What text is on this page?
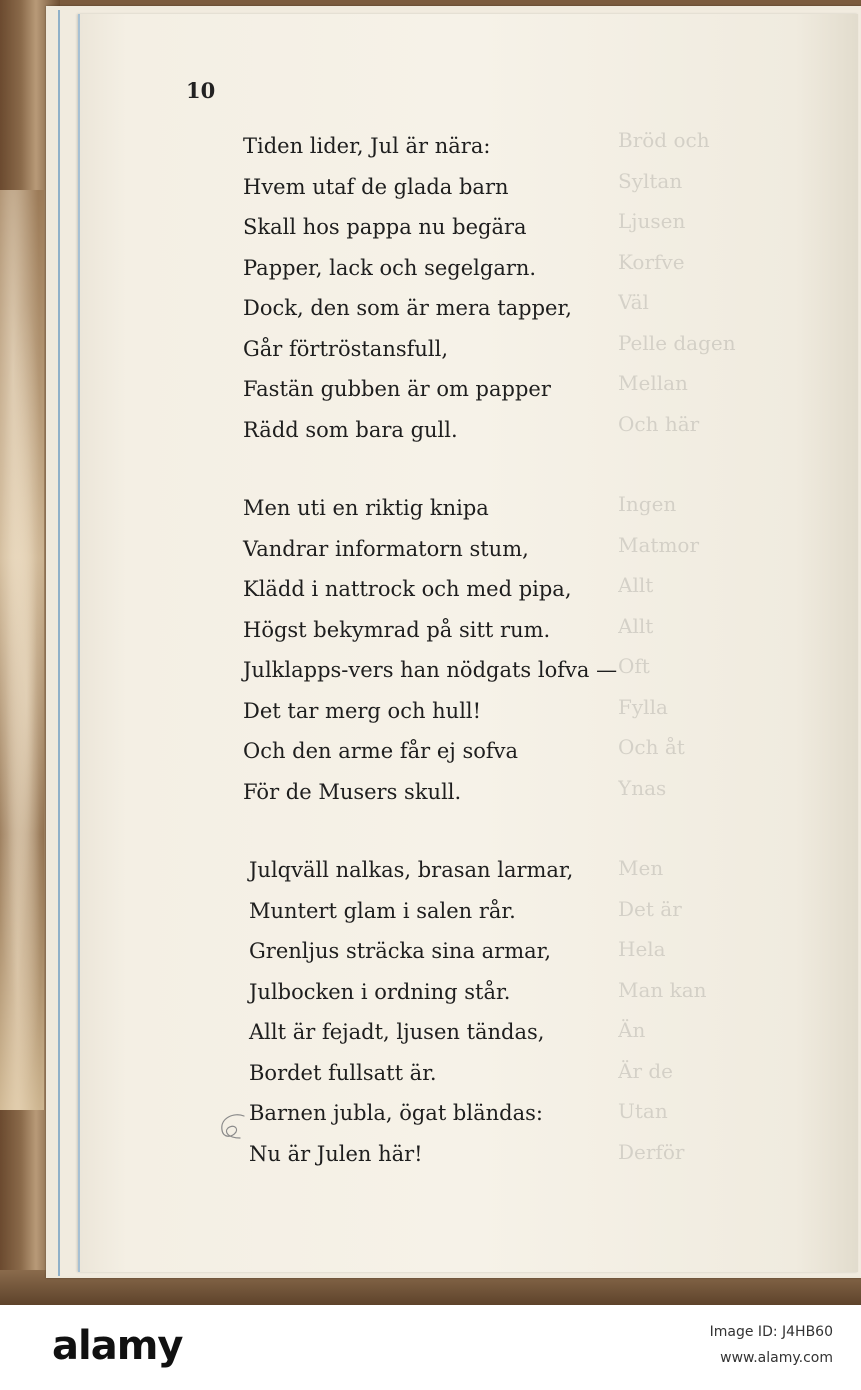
Bröd och
Syltan
Ljusen
Korfve
Väl
Pelle dagen
Mellan
Och här
Ingen
Matmor
Allt
Allt
Oft
Fylla
Och åt
Ynas
Men
Det är
Hela
Man kan
Än
Är de
Utan
Derför
10
Tiden lider, Jul är nära:
Hvem utaf de glada barn
Skall hos pappa nu begära
Papper, lack och segelgarn.
Dock, den som är mera tapper,
Går förtröstansfull,
Fastän gubben är om papper
Rädd som bara gull.
Men uti en riktig knipa
Vandrar informatorn stum,
Klädd i nattrock och med pipa,
Högst bekymrad på sitt rum.
Julklapps-vers han nödgats lofva —
Det tar merg och hull!
Och den arme får ej sofva
För de Musers skull.
Julqväll nalkas, brasan larmar,
Muntert glam i salen rår.
Grenljus sträcka sina armar,
Julbocken i ordning står.
Allt är fejadt, ljusen tändas,
Bordet fullsatt är.
Barnen jubla, ögat bländas:
Nu är Julen här!
alamy	Image ID: J4HB60
www.alamy.com
